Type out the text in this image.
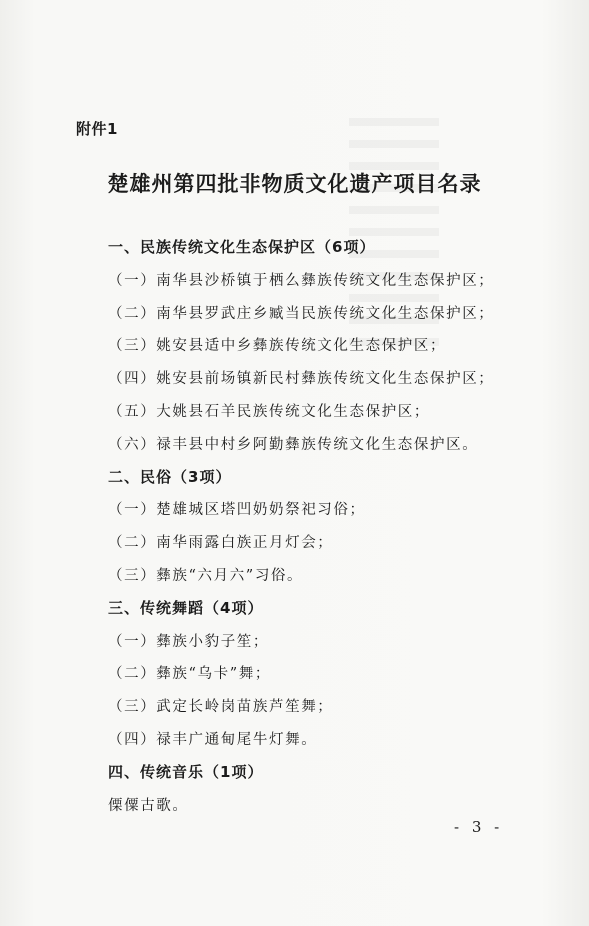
附件1
楚雄州第四批非物质文化遗产项目名录
一、民族传统文化生态保护区（6项）
（一）南华县沙桥镇于栖么彝族传统文化生态保护区；
（二）南华县罗武庄乡臧当民族传统文化生态保护区；
（三）姚安县适中乡彝族传统文化生态保护区；
（四）姚安县前场镇新民村彝族传统文化生态保护区；
（五）大姚县石羊民族传统文化生态保护区；
（六）禄丰县中村乡阿勤彝族传统文化生态保护区。
二、民俗（3项）
（一）楚雄城区塔凹奶奶祭祀习俗；
（二）南华雨露白族正月灯会；
（三）彝族“六月六”习俗。
三、传统舞蹈（4项）
（一）彝族小豹子笙；
（二）彝族“乌卡”舞；
（三）武定长岭岗苗族芦笙舞；
（四）禄丰广通甸尾牛灯舞。
四、传统音乐（1项）
傈僳古歌。
- 3 -
